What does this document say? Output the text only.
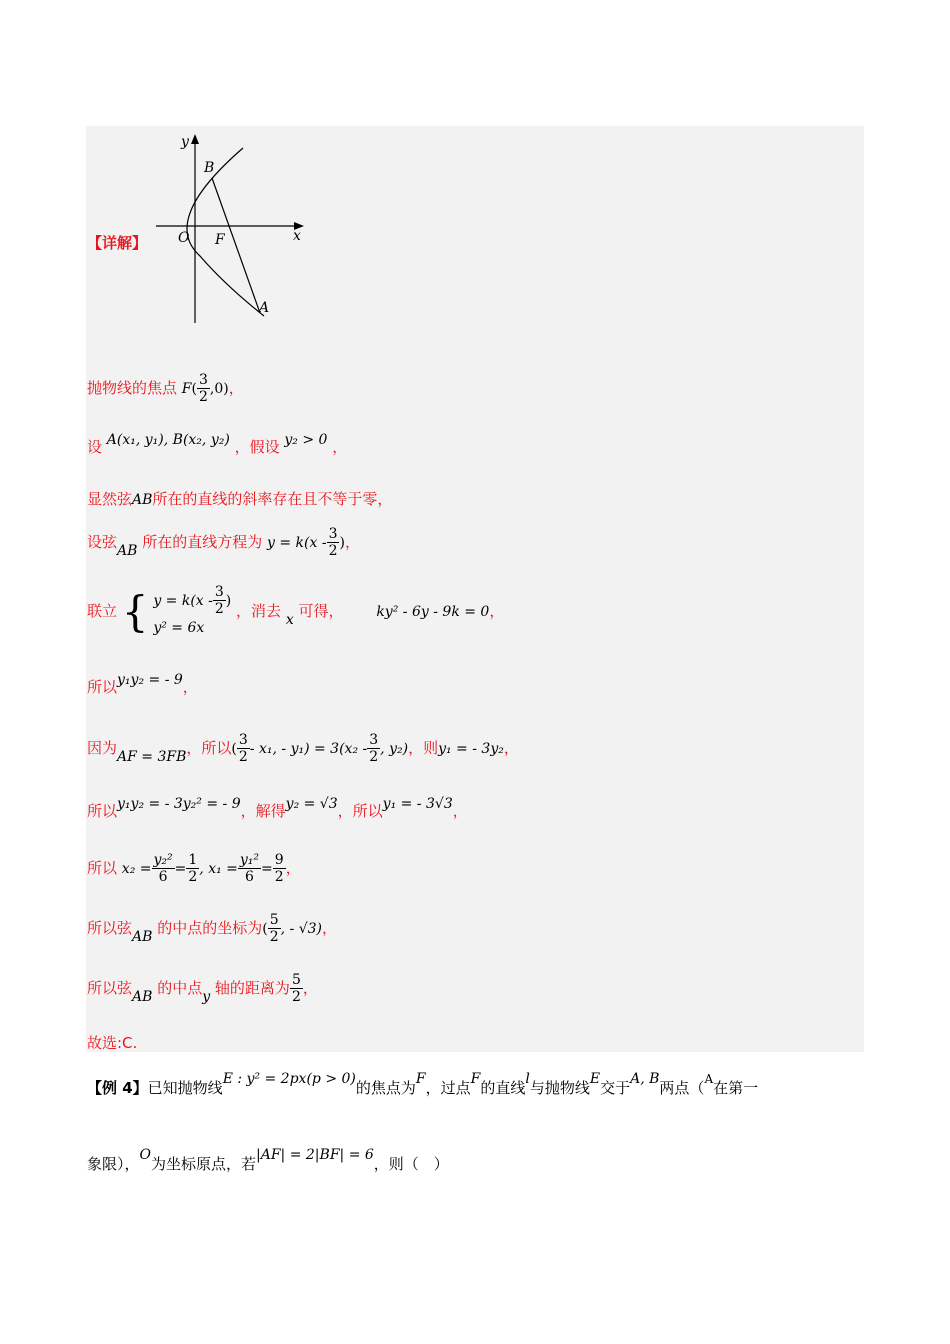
【详解】
y
B
O F	x
A
抛物线的焦点 $F( \frac{3}{2} ,0)$，
设 A(x₁, y₁), B(x₂, y₂) ，假设 y₂ > 0 ，
显然弦AB所在的直线的斜率存在且不等于零，
设弦AB 所在的直线方程为 $y = k(x - \frac{3}{2}$ )，
联立 { $y = k(x - \frac{3}{2}$ )
y² = 6x
，消去 x 可得， ky² - 6y - 9k = 0，
所以y₁y₂ = - 9，
因为AF = 3FB，所以( $\frac{3}{2} - x_1$, - $y_1) = 3(x_2 - \frac{3}{2}$ , y₂)，则y₁ = - 3y₂，
所以y₁y₂ = - 3y₂² = - 9，解得y₂ = √3，所以y₁ = - 3√3，
所以 $x_2 = \frac{\text{y₂²}}{6} = \frac{1}{2}$ , $x_1 = \frac{\text{y₁²}}{6} = \frac{9}{2}$ ，
所以弦AB 的中点的坐标为( $\frac{5}{2}$ , - √3)，
所以弦AB 的中点y 轴的距离为 $\frac{5}{2}$ ，
故选:C.
【例 4】已知抛物线E : y² = 2px(p > 0)的焦点为F，过点F的直线l与抛物线E交于A, B两点（$^A$在第一
象限），O为坐标原点，若|AF| = 2|BF| = 6，则（　）
